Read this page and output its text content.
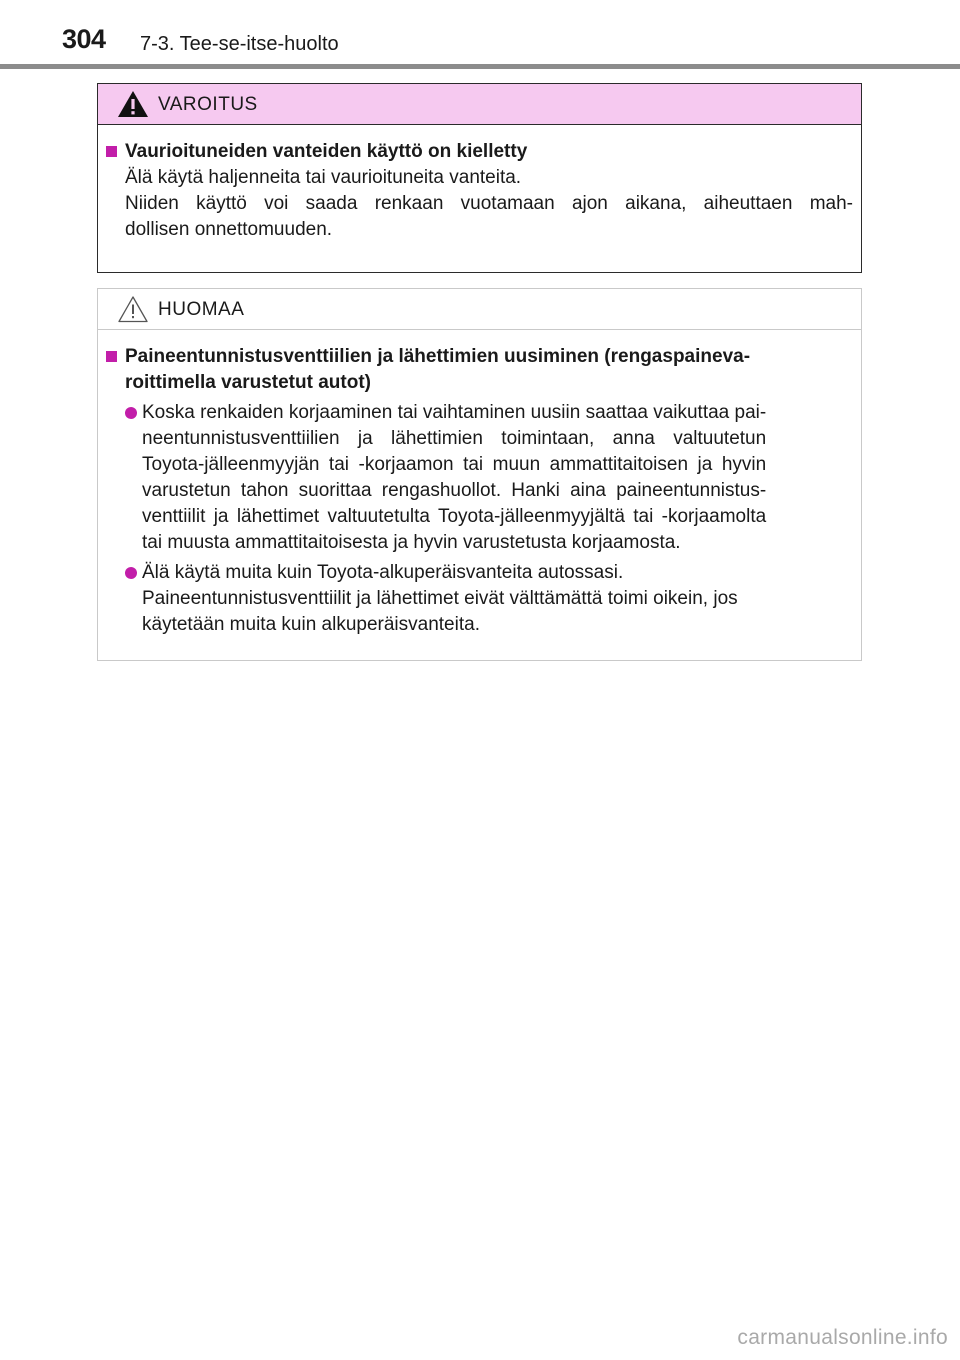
304 7-3. Tee-se-itse-huolto
VAROITUS
Vaurioituneiden vanteiden käyttö on kielletty
Älä käytä haljenneita tai vaurioituneita vanteita.
Niiden käyttö voi saada renkaan vuotamaan ajon aikana, aiheuttaen mah-
dollisen onnettomuuden.
HUOMAA
Paineentunnistusventtiilien ja lähettimien uusiminen (rengaspaineva-
roittimella varustetut autot)
Koska renkaiden korjaaminen tai vaihtaminen uusiin saattaa vaikuttaa pai-
neentunnistusventtiilien ja lähettimien toimintaan, anna valtuutetun
Toyota-jälleenmyyjän tai -korjaamon tai muun ammattitaitoisen ja hyvin
varustetun tahon suorittaa rengashuollot. Hanki aina paineentunnistus-
venttiilit ja lähettimet valtuutetulta Toyota-jälleenmyyjältä tai -korjaamolta
tai muusta ammattitaitoisesta ja hyvin varustetusta korjaamosta.
Älä käytä muita kuin Toyota-alkuperäisvanteita autossasi.
Paineentunnistusventtiilit ja lähettimet eivät välttämättä toimi oikein, jos
käytetään muita kuin alkuperäisvanteita.
carmanualsonline.info
